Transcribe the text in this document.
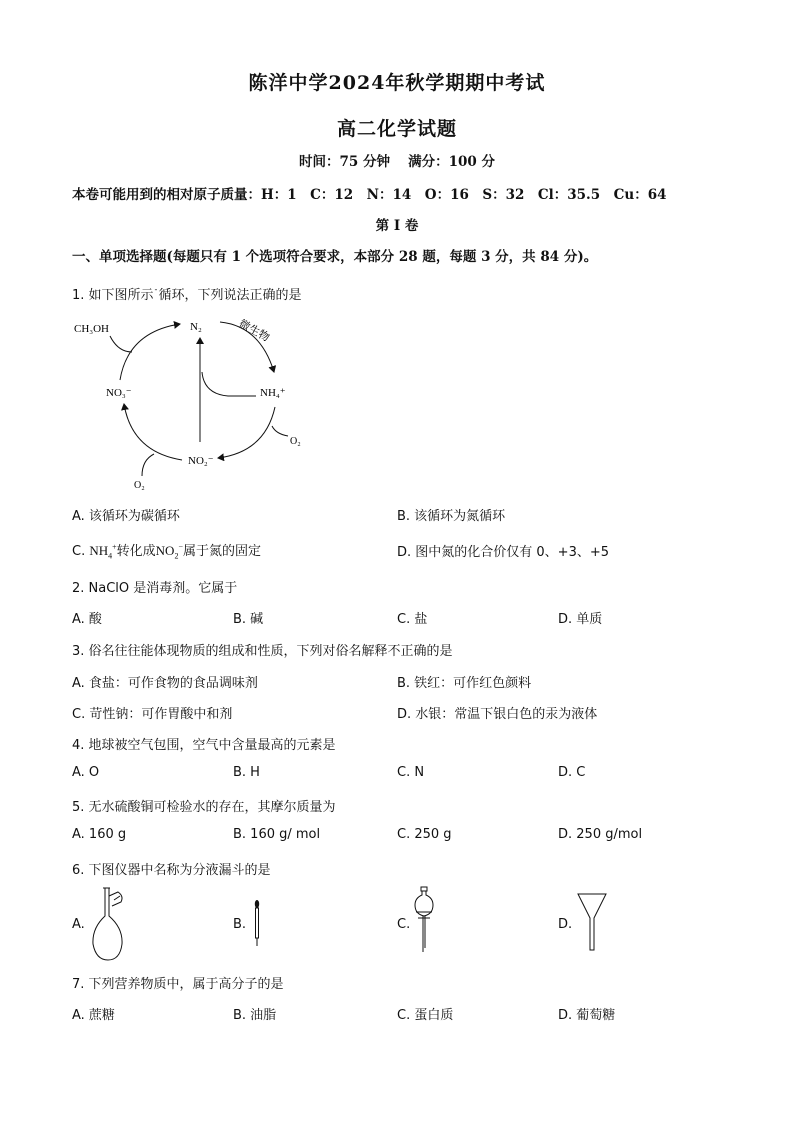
陈洋中学2024年秋学期期中考试
高二化学试题
时间：75 分钟　 满分：100 分
本卷可能用到的相对原子质量：H：1　C：12　N：14　O：16　S：32　Cl：35.5　Cu：64
第 I 卷
一、单项选择题(每题只有 1 个选项符合要求，本部分 28 题，每题 3 分，共 84 分)。
1. 如下图所示-循环，下列说法正确的是
N₂
CH₃OH	微生物
NH₄⁺
NO₃⁻
NO₂⁻
O₂
O₂
A. 该循环为碳循环	B. 该循环为氮循环
C. $NH_4^+$转化成$NO_2^-$属于氮的固定	D. 图中氮的化合价仅有 0、+3、+5
2. NaClO 是消毒剂。它属于
A. 酸	B. 碱	C. 盐	D. 单质
3. 俗名往往能体现物质的组成和性质，下列对俗名解释不正确的是
A. 食盐：可作食物的食品调味剂	B. 铁红：可作红色颜料
C. 苛性钠：可作胃酸中和剂	D. 水银：常温下银白色的汞为液体
4. 地球被空气包围，空气中含量最高的元素是
A. O	B. H	C. N	D. C
5. 无水硫酸铜可检验水的存在，其摩尔质量为
A. 160 g	B. 160 g/ mol	C. 250 g	D. 250 g/mol
6. 下图仪器中名称为分液漏斗的是
A.	B.	C.	D.
7. 下列营养物质中，属于高分子的是
A. 蔗糖	B. 油脂	C. 蛋白质	D. 葡萄糖
